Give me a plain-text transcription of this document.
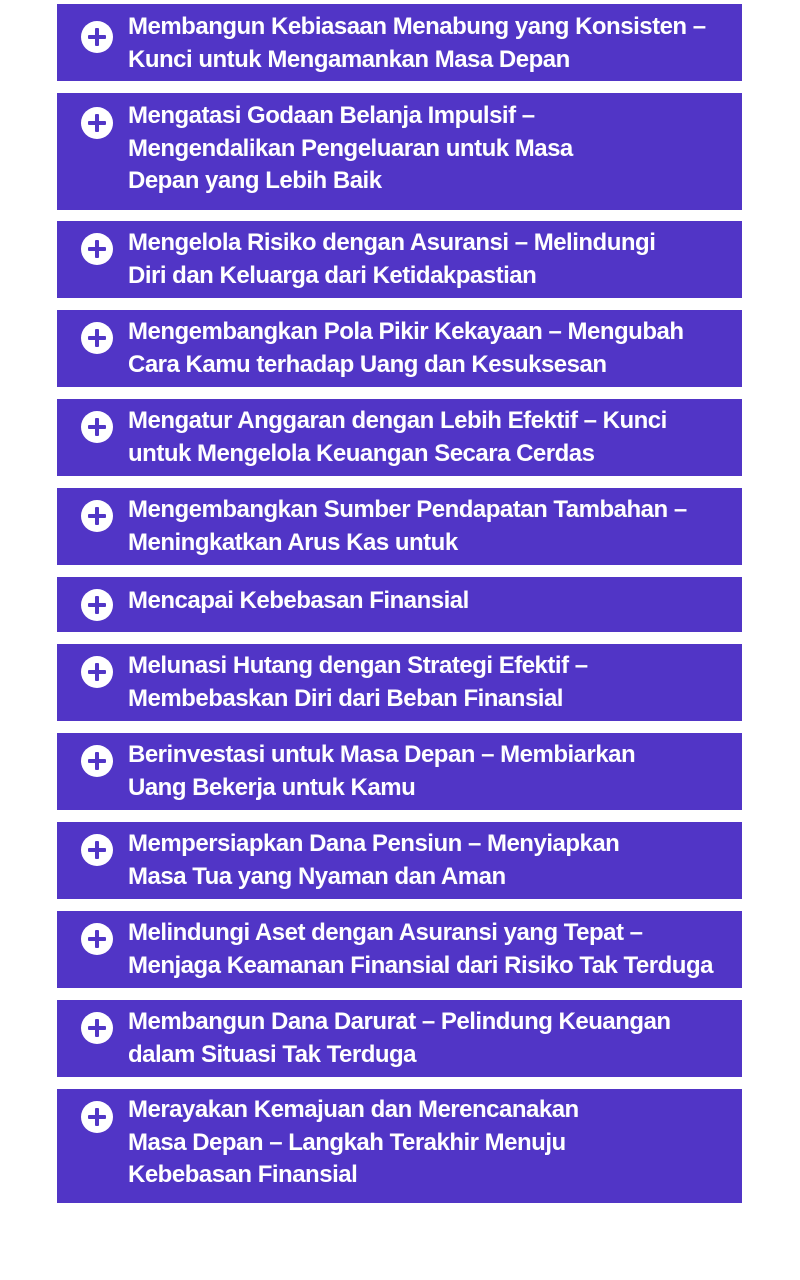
Membangun Kebiasaan Menabung yang Konsisten –
Kunci untuk Mengamankan Masa Depan
Mengatasi Godaan Belanja Impulsif –
Mengendalikan Pengeluaran untuk Masa
Depan yang Lebih Baik
Mengelola Risiko dengan Asuransi – Melindungi
Diri dan Keluarga dari Ketidakpastian
Mengembangkan Pola Pikir Kekayaan – Mengubah
Cara Kamu terhadap Uang dan Kesuksesan
Mengatur Anggaran dengan Lebih Efektif – Kunci
untuk Mengelola Keuangan Secara Cerdas
Mengembangkan Sumber Pendapatan Tambahan –
Meningkatkan Arus Kas untuk
Mencapai Kebebasan Finansial
Melunasi Hutang dengan Strategi Efektif –
Membebaskan Diri dari Beban Finansial
Berinvestasi untuk Masa Depan – Membiarkan
Uang Bekerja untuk Kamu
Mempersiapkan Dana Pensiun – Menyiapkan
Masa Tua yang Nyaman dan Aman
Melindungi Aset dengan Asuransi yang Tepat –
Menjaga Keamanan Finansial dari Risiko Tak Terduga
Membangun Dana Darurat – Pelindung Keuangan
dalam Situasi Tak Terduga
Merayakan Kemajuan dan Merencanakan
Masa Depan – Langkah Terakhir Menuju
Kebebasan Finansial
